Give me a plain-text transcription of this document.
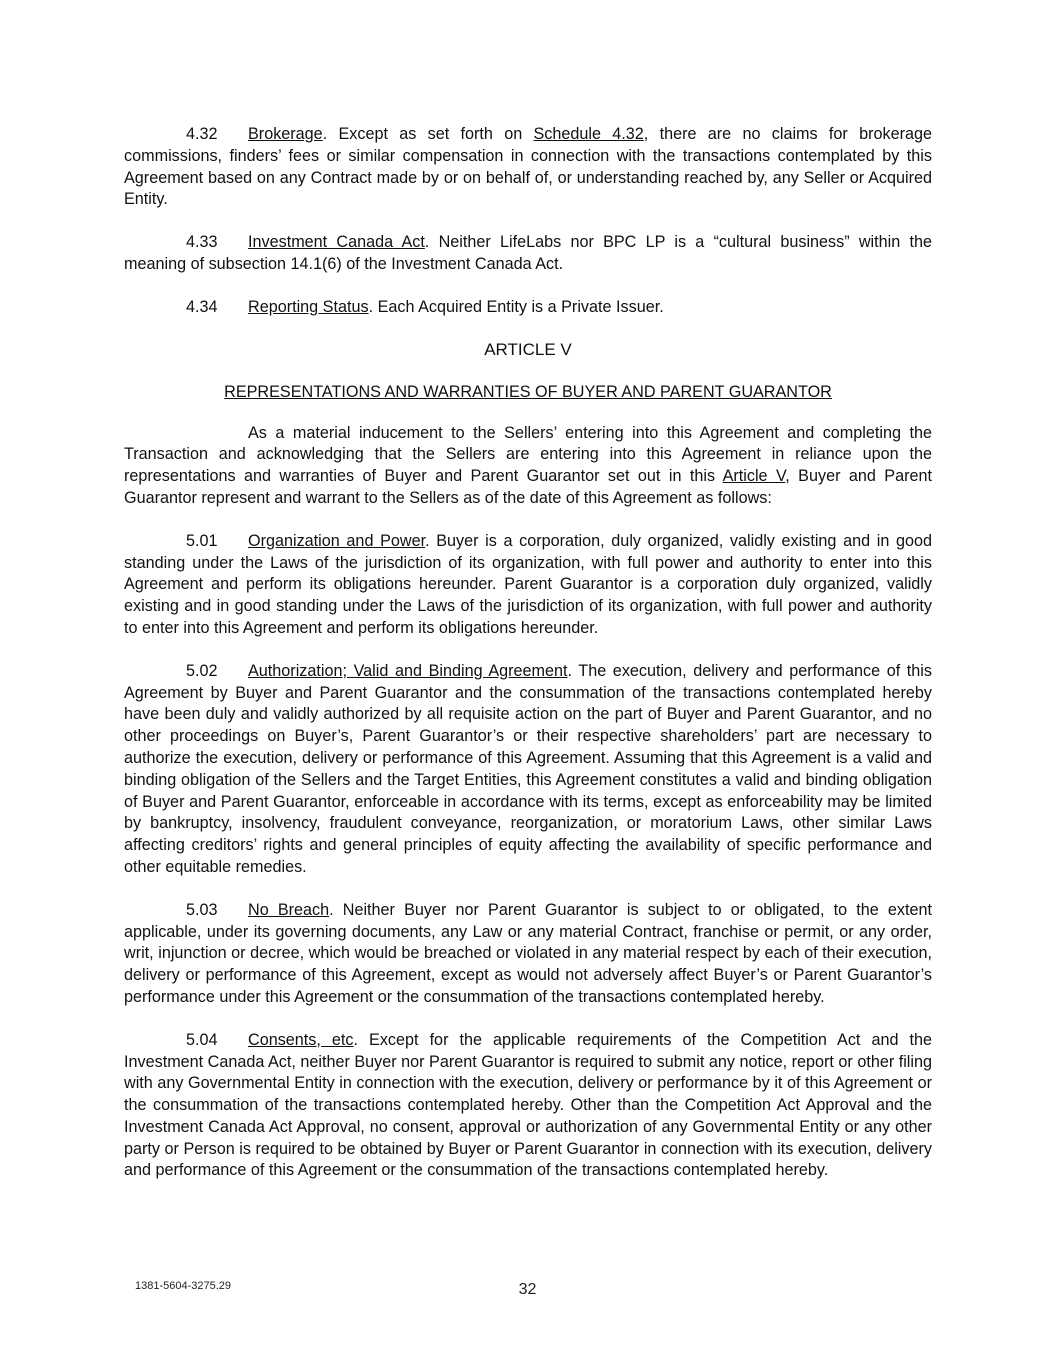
4.32 Brokerage. Except as set forth on Schedule 4.32, there are no claims for brokerage commissions, finders’ fees or similar compensation in connection with the transactions contemplated by this Agreement based on any Contract made by or on behalf of, or understanding reached by, any Seller or Acquired Entity.

4.33 Investment Canada Act. Neither LifeLabs nor BPC LP is a “cultural business” within the meaning of subsection 14.1(6) of the Investment Canada Act.

4.34 Reporting Status. Each Acquired Entity is a Private Issuer.

ARTICLE V

REPRESENTATIONS AND WARRANTIES OF BUYER AND PARENT GUARANTOR

As a material inducement to the Sellers’ entering into this Agreement and completing the Transaction and acknowledging that the Sellers are entering into this Agreement in reliance upon the representations and warranties of Buyer and Parent Guarantor set out in this Article V, Buyer and Parent Guarantor represent and warrant to the Sellers as of the date of this Agreement as follows:

5.01 Organization and Power. Buyer is a corporation, duly organized, validly existing and in good standing under the Laws of the jurisdiction of its organization, with full power and authority to enter into this Agreement and perform its obligations hereunder. Parent Guarantor is a corporation duly organized, validly existing and in good standing under the Laws of the jurisdiction of its organization, with full power and authority to enter into this Agreement and perform its obligations hereunder.

5.02 Authorization; Valid and Binding Agreement. The execution, delivery and performance of this Agreement by Buyer and Parent Guarantor and the consummation of the transactions contemplated hereby have been duly and validly authorized by all requisite action on the part of Buyer and Parent Guarantor, and no other proceedings on Buyer’s, Parent Guarantor’s or their respective shareholders’ part are necessary to authorize the execution, delivery or performance of this Agreement. Assuming that this Agreement is a valid and binding obligation of the Sellers and the Target Entities, this Agreement constitutes a valid and binding obligation of Buyer and Parent Guarantor, enforceable in accordance with its terms, except as enforceability may be limited by bankruptcy, insolvency, fraudulent conveyance, reorganization, or moratorium Laws, other similar Laws affecting creditors’ rights and general principles of equity affecting the availability of specific performance and other equitable remedies.

5.03 No Breach. Neither Buyer nor Parent Guarantor is subject to or obligated, to the extent applicable, under its governing documents, any Law or any material Contract, franchise or permit, or any order, writ, injunction or decree, which would be breached or violated in any material respect by each of their execution, delivery or performance of this Agreement, except as would not adversely affect Buyer’s or Parent Guarantor’s performance under this Agreement or the consummation of the transactions contemplated hereby.

5.04 Consents, etc. Except for the applicable requirements of the Competition Act and the Investment Canada Act, neither Buyer nor Parent Guarantor is required to submit any notice, report or other filing with any Governmental Entity in connection with the execution, delivery or performance by it of this Agreement or the consummation of the transactions contemplated hereby. Other than the Competition Act Approval and the Investment Canada Act Approval, no consent, approval or authorization of any Governmental Entity or any other party or Person is required to be obtained by Buyer or Parent Guarantor in connection with its execution, delivery and performance of this Agreement or the consummation of the transactions contemplated hereby.

1381-5604-3275.29	32
